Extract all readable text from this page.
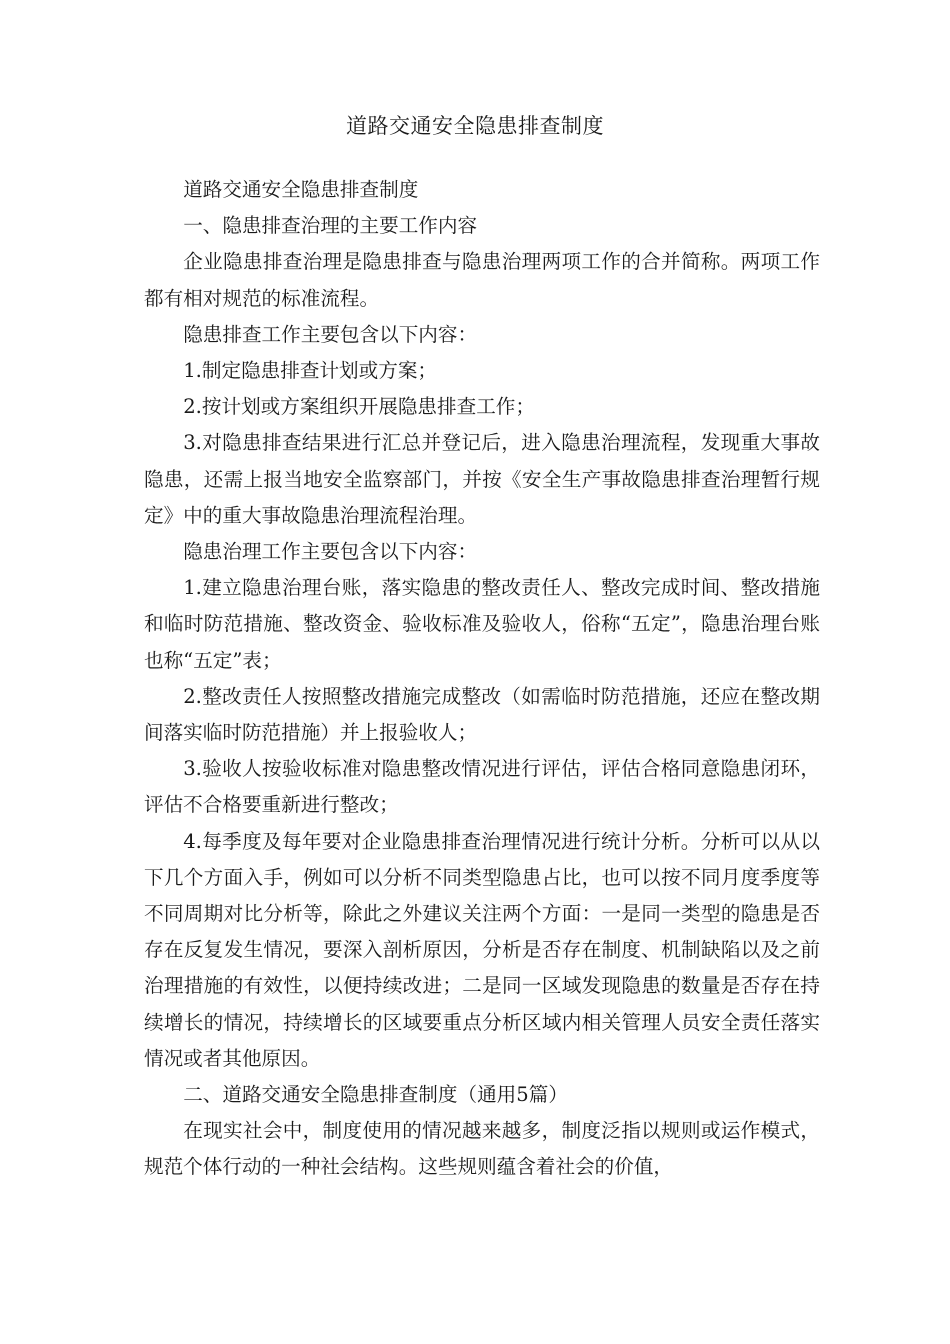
道路交通安全隐患排查制度

道路交通安全隐患排查制度

一、隐患排查治理的主要工作内容

企业隐患排查治理是隐患排查与隐患治理两项工作的合并简称。两项工作都有相对规范的标准流程。

隐患排查工作主要包含以下内容：

1.制定隐患排查计划或方案；

2.按计划或方案组织开展隐患排查工作；

3.对隐患排查结果进行汇总并登记后，进入隐患治理流程，发现重大事故隐患，还需上报当地安全监察部门，并按《安全生产事故隐患排查治理暂行规定》中的重大事故隐患治理流程治理。

隐患治理工作主要包含以下内容：

1.建立隐患治理台账，落实隐患的整改责任人、整改完成时间、整改措施和临时防范措施、整改资金、验收标准及验收人，俗称“五定”，隐患治理台账也称“五定”表；

2.整改责任人按照整改措施完成整改（如需临时防范措施，还应在整改期间落实临时防范措施）并上报验收人；

3.验收人按验收标准对隐患整改情况进行评估，评估合格同意隐患闭环，评估不合格要重新进行整改；

4.每季度及每年要对企业隐患排查治理情况进行统计分析。分析可以从以下几个方面入手，例如可以分析不同类型隐患占比，也可以按不同月度季度等不同周期对比分析等，除此之外建议关注两个方面：一是同一类型的隐患是否存在反复发生情况，要深入剖析原因，分析是否存在制度、机制缺陷以及之前治理措施的有效性，以便持续改进；二是同一区域发现隐患的数量是否存在持续增长的情况，持续增长的区域要重点分析区域内相关管理人员安全责任落实情况或者其他原因。

二、道路交通安全隐患排查制度（通用5篇）

在现实社会中，制度使用的情况越来越多，制度泛指以规则或运作模式，规范个体行动的一种社会结构。这些规则蕴含着社会的价值，
